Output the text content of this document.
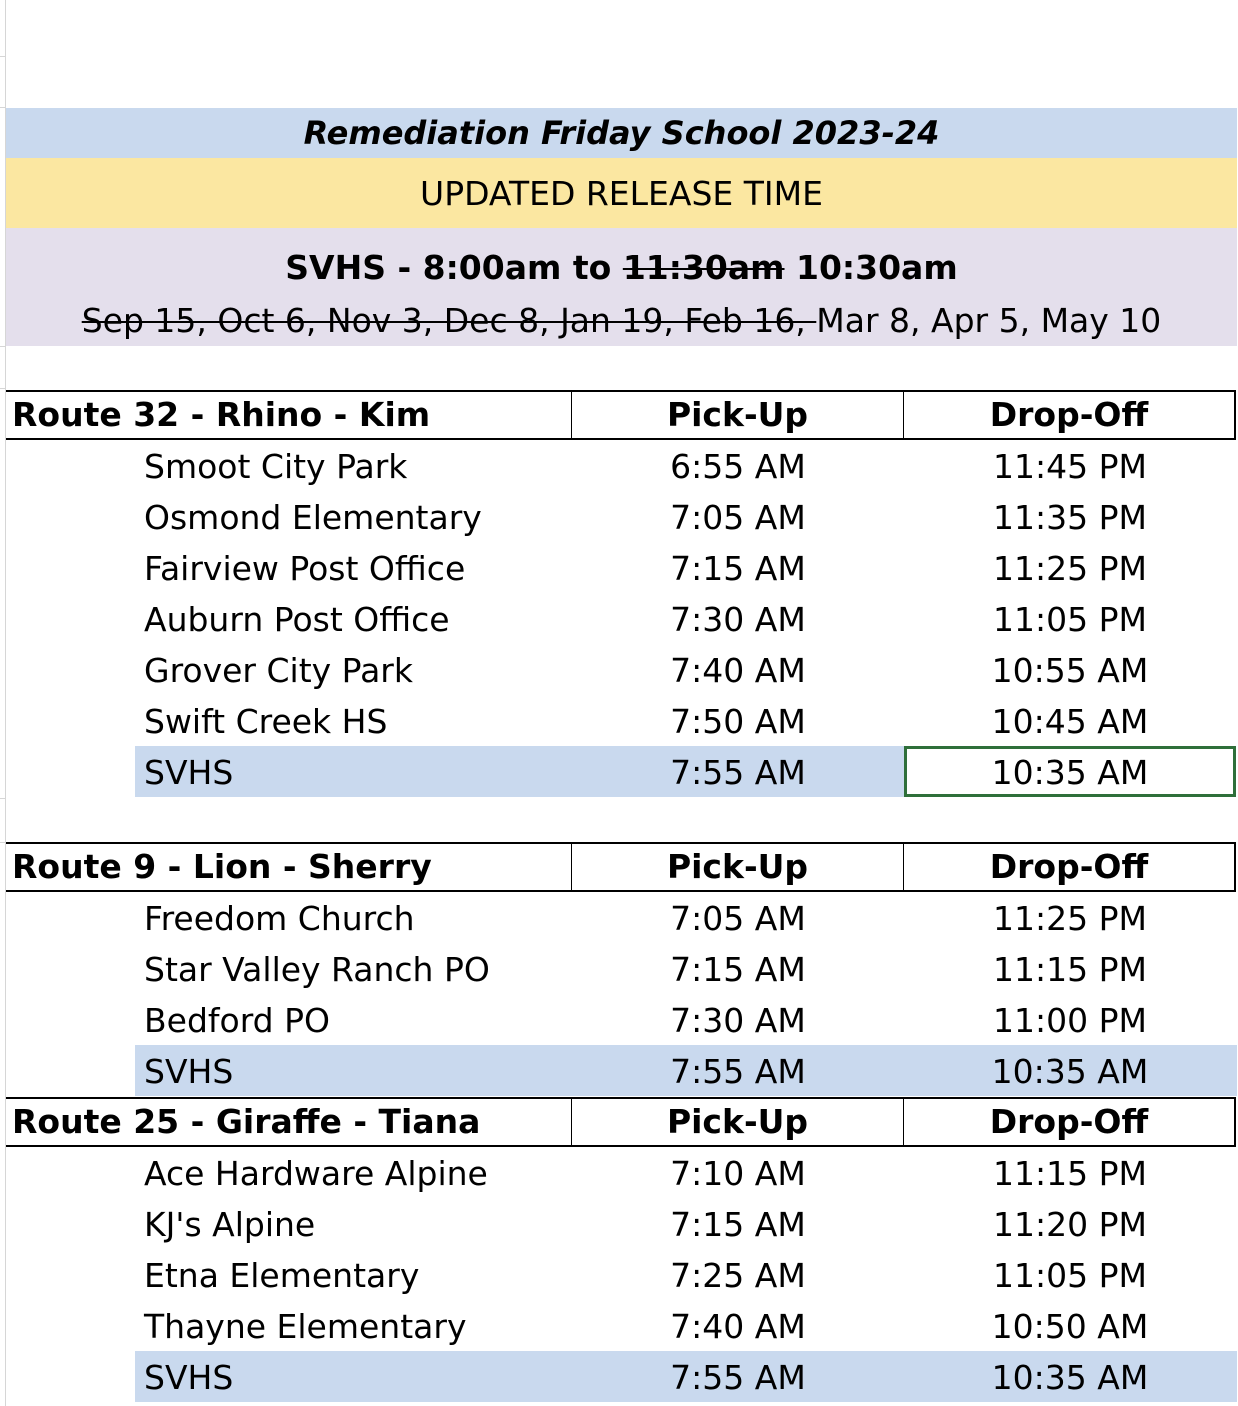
Remediation Friday School 2023-24
UPDATED RELEASE TIME
SVHS - 8:00am to 11:30am 10:30am
Sep 15, Oct 6, Nov 3, Dec 8, Jan 19, Feb 16, Mar 8, Apr 5, May 10
Route 32 - Rhino - Kim	Pick-Up	Drop-Off
Smoot City Park	6:55 AM	11:45 PM
Osmond Elementary	7:05 AM	11:35 PM
Fairview Post Office	7:15 AM	11:25 PM
Auburn Post Office	7:30 AM	11:05 PM
Grover City Park	7:40 AM	10:55 AM
Swift Creek HS	7:50 AM	10:45 AM
SVHS	7:55 AM	10:35 AM
Route 9 - Lion - Sherry	Pick-Up	Drop-Off
Freedom Church	7:05 AM	11:25 PM
Star Valley Ranch PO	7:15 AM	11:15 PM
Bedford PO	7:30 AM	11:00 PM
SVHS	7:55 AM	10:35 AM
Route 25 - Giraffe - Tiana	Pick-Up	Drop-Off
Ace Hardware Alpine	7:10 AM	11:15 PM
KJ's Alpine	7:15 AM	11:20 PM
Etna Elementary	7:25 AM	11:05 PM
Thayne Elementary	7:40 AM	10:50 AM
SVHS	7:55 AM	10:35 AM
